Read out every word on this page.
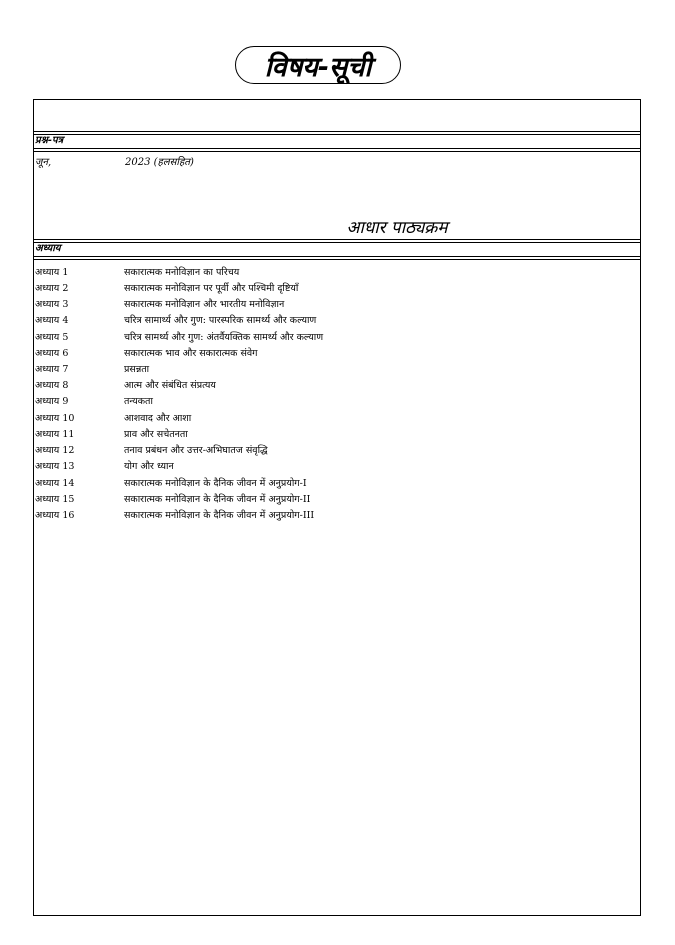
विषय-सूची
प्रश्न-पत्र
जून,	2023 (हलसहित)
आधार पाठ्यक्रम
अध्याय
अध्याय 1	सकारात्मक मनोविज्ञान का परिचय
अध्याय 2	सकारात्मक मनोविज्ञान पर पूर्वी और पश्चिमी दृष्टियाँ
अध्याय 3	सकारात्मक मनोविज्ञान और भारतीय मनोविज्ञान
अध्याय 4	चरित्र सामार्थ्य और गुण: पारस्परिक सामर्थ्य और कल्याण
अध्याय 5	चरित्र सामर्थ्य और गुण: अंतर्वैयक्तिक सामर्थ्य और कल्याण
अध्याय 6	सकारात्मक भाव और सकारात्मक संवेग
अध्याय 7	प्रसन्नता
अध्याय 8	आत्म और संबंधित संप्रत्यय
अध्याय 9	तन्यकता
अध्याय 10	आशवाद और आशा
अध्याय 11	प्राव और सचेतनता
अध्याय 12	तनाव प्रबंधन और उत्तर-अभिघातज संवृद्धि
अध्याय 13	योग और ध्यान
अध्याय 14	सकारात्मक मनोविज्ञान के दैनिक जीवन में अनुप्रयोग-I
अध्याय 15	सकारात्मक मनोविज्ञान के दैनिक जीवन में अनुप्रयोग-II
अध्याय 16	सकारात्मक मनोविज्ञान के दैनिक जीवन में अनुप्रयोग-III
